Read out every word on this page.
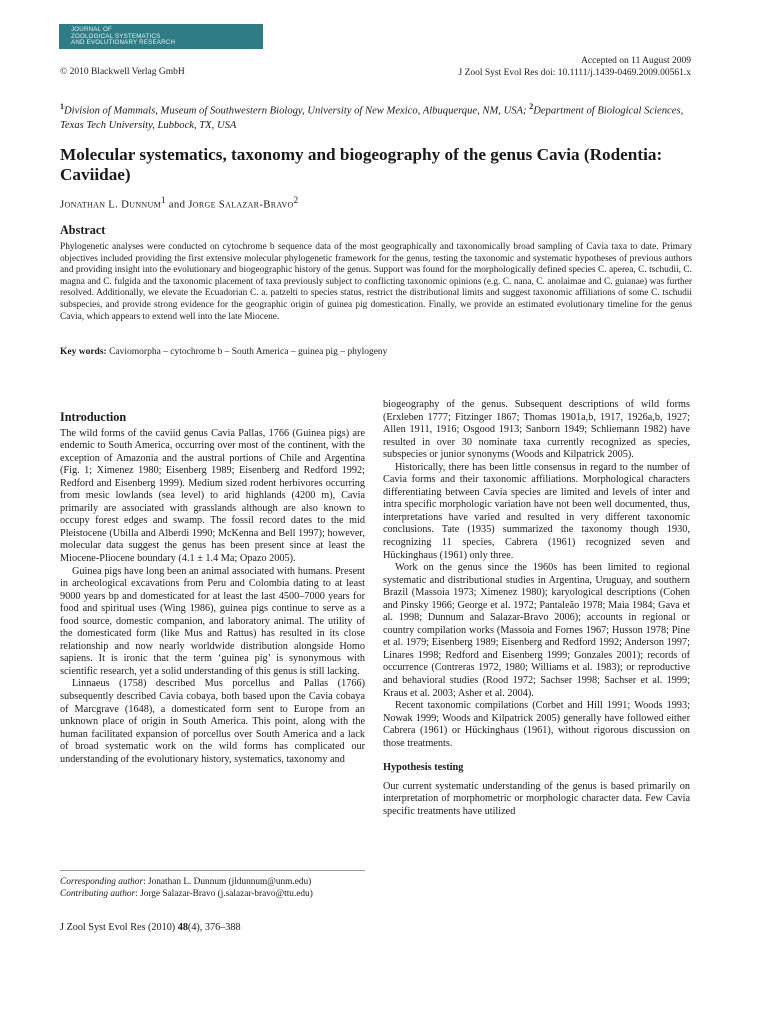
JOURNAL OF
ZOOLOGICAL SYSTEMATICS
AND EVOLUTIONARY RESEARCH
© 2010 Blackwell Verlag GmbH
Accepted on 11 August 2009
J Zool Syst Evol Res doi: 10.1111/j.1439-0469.2009.00561.x
$^1$Division of Mammals, Museum of Southwestern Biology, University of New Mexico, Albuquerque, NM, USA; $^2$Department of Biological Sciences, Texas Tech University, Lubbock, TX, USA
Molecular systematics, taxonomy and biogeography of the genus Cavia (Rodentia: Caviidae)
Jonathan L. Dunnum$^1$ and Jorge Salazar-Bravo$^2$
Abstract

Phylogenetic analyses were conducted on cytochrome b sequence data of the most geographically and taxonomically broad sampling of Cavia taxa to date. Primary objectives included providing the first extensive molecular phylogenetic framework for the genus, testing the taxonomic and systematic hypotheses of previous authors and providing insight into the evolutionary and biogeographic history of the genus. Support was found for the morphologically defined species C. aperea, C. tschudii, C. magna and C. fulgida and the taxonomic placement of taxa previously subject to conflicting taxonomic opinions (e.g. C. nana, C. anolaimae and C. guianae) was further resolved. Additionally, we elevate the Ecuadorian C. a. patzelti to species status, restrict the distributional limits and suggest taxonomic affiliations of some C. tschudii subspecies, and provide strong evidence for the geographic origin of guinea pig domestication. Finally, we provide an estimated evolutionary timeline for the genus Cavia, which appears to extend well into the late Miocene.

Key words: Caviomorpha – cytochrome b – South America – guinea pig – phylogeny
Introduction

The wild forms of the caviid genus Cavia Pallas, 1766 (Guinea pigs) are endemic to South America, occurring over most of the continent, with the exception of Amazonia and the austral portions of Chile and Argentina (Fig. 1; Ximenez 1980; Eisenberg 1989; Eisenberg and Redford 1992; Redford and Eisenberg 1999). Medium sized rodent herbivores occurring from mesic lowlands (sea level) to arid highlands (4200 m), Cavia primarily are associated with grasslands although are also known to occupy forest edges and swamp. The fossil record dates to the mid Pleistocene (Ubilla and Alberdi 1990; McKenna and Bell 1997); however, molecular data suggest the genus has been present since at least the Miocene-Pliocene boundary (4.1 ± 1.4 Ma; Opazo 2005).

Guinea pigs have long been an animal associated with humans. Present in archeological excavations from Peru and Colombia dating to at least 9000 years bp and domesticated for at least the last 4500–7000 years for food and spiritual uses (Wing 1986), guinea pigs continue to serve as a food source, domestic companion, and laboratory animal. The utility of the domesticated form (like Mus and Rattus) has resulted in its close relationship and now nearly worldwide distribution alongside Homo sapiens. It is ironic that the term ‘guinea pig’ is synonymous with scientific research, yet a solid understanding of this genus is still lacking.

Linnaeus (1758) described Mus porcellus and Pallas (1766) subsequently described Cavia cobaya, both based upon the Cavia cobaya of Marcgrave (1648), a domesticated form sent to Europe from an unknown place of origin in South America. This point, along with the human facilitated expansion of porcellus over South America and a lack of broad systematic work on the wild forms has complicated our understanding of the evolutionary history, systematics, taxonomy and

Corresponding author: Jonathan L. Dunnum (jldunnum@unm.edu)
Contributing author: Jorge Salazar-Bravo (j.salazar-bravo@ttu.edu)
J Zool Syst Evol Res (2010) 48(4), 376–388

biogeography of the genus. Subsequent descriptions of wild forms (Erxleben 1777; Fitzinger 1867; Thomas 1901a,b, 1917, 1926a,b, 1927; Allen 1911, 1916; Osgood 1913; Sanborn 1949; Schliemann 1982) have resulted in over 30 nominate taxa currently recognized as species, subspecies or junior synonyms (Woods and Kilpatrick 2005).

Historically, there has been little consensus in regard to the number of Cavia forms and their taxonomic affiliations. Morphological characters differentiating between Cavia species are limited and levels of inter and intra specific morphologic variation have not been well documented, thus, interpretations have varied and resulted in very different taxonomic conclusions. Tate (1935) summarized the taxonomy though 1930, recognizing 11 species, Cabrera (1961) recognized seven and Hückinghaus (1961) only three.

Work on the genus since the 1960s has been limited to regional systematic and distributional studies in Argentina, Uruguay, and southern Brazil (Massoia 1973; Ximenez 1980); karyological descriptions (Cohen and Pinsky 1966; George et al. 1972; Pantaleão 1978; Maia 1984; Gava et al. 1998; Dunnum and Salazar-Bravo 2006); accounts in regional or country compilation works (Massoia and Fornes 1967; Husson 1978; Pine et al. 1979; Eisenberg 1989; Eisenberg and Redford 1992; Anderson 1997; Linares 1998; Redford and Eisenberg 1999; Gonzales 2001); records of occurrence (Contreras 1972, 1980; Williams et al. 1983); or reproductive and behavioral studies (Rood 1972; Sachser 1998; Sachser et al. 1999; Kraus et al. 2003; Asher et al. 2004).

Recent taxonomic compilations (Corbet and Hill 1991; Woods 1993; Nowak 1999; Woods and Kilpatrick 2005) generally have followed either Cabrera (1961) or Hückinghaus (1961), without rigorous discussion on those treatments.

Hypothesis testing

Our current systematic understanding of the genus is based primarily on interpretation of morphometric or morphologic character data. Few Cavia specific treatments have utilized
